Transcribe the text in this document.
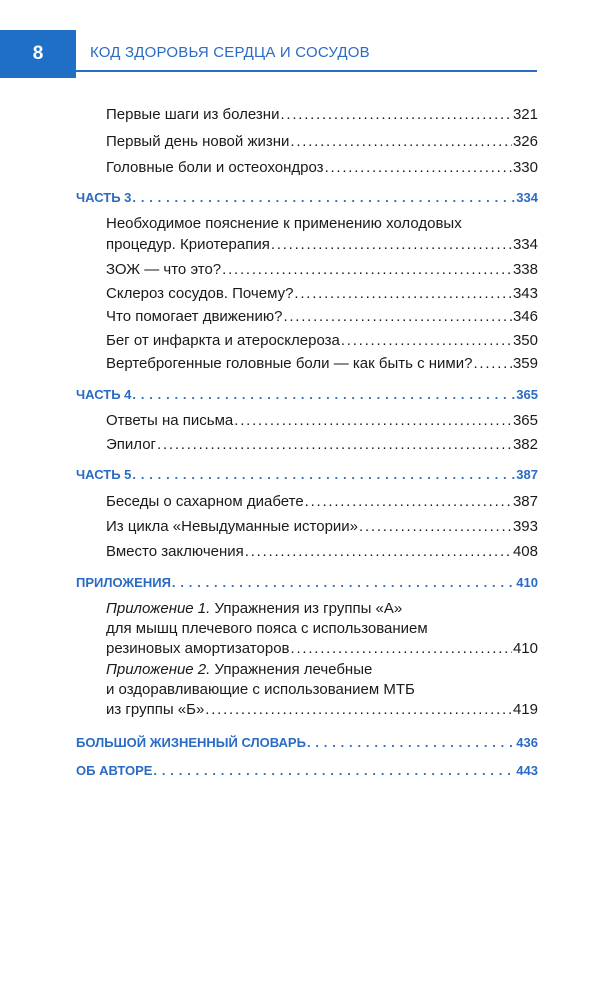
8	КОД ЗДОРОВЬЯ СЕРДЦА И СОСУДОВ
Первые шаги из болезни . . .	321
Первый день новой жизни . . .	326
Головные боли и остеохондроз . . .	330
ЧАСТЬ 3 . . .	334
Необходимое пояснение к применению холодовых
процедур. Криотерапия . . .	334
ЗОЖ — что это? . . .	338
Склероз сосудов. Почему? . . .	343
Что помогает движению? . . .	346
Бег от инфаркта и атеросклероза . . .	350
Вертеброгенные головные боли — как быть с ними? . . .	359
ЧАСТЬ 4 . . .	365
Ответы на письма . . .	365
Эпилог . . .	382
ЧАСТЬ 5 . . .	387
Беседы о сахарном диабете . . .	387
Из цикла «Невыдуманные истории» . . .	393
Вместо заключения . . .	408
ПРИЛОЖЕНИЯ . . .	410
Приложение 1. Упражнения из группы «А»
для мышц плечевого пояса с использованием
резиновых амортизаторов . . .	410
Приложение 2. Упражнения лечебные
и оздоравливающие с использованием МТБ
из группы «Б» . . .	419
БОЛЬШОЙ ЖИЗНЕННЫЙ СЛОВАРЬ . . .	436
ОБ АВТОРЕ . . .	443
